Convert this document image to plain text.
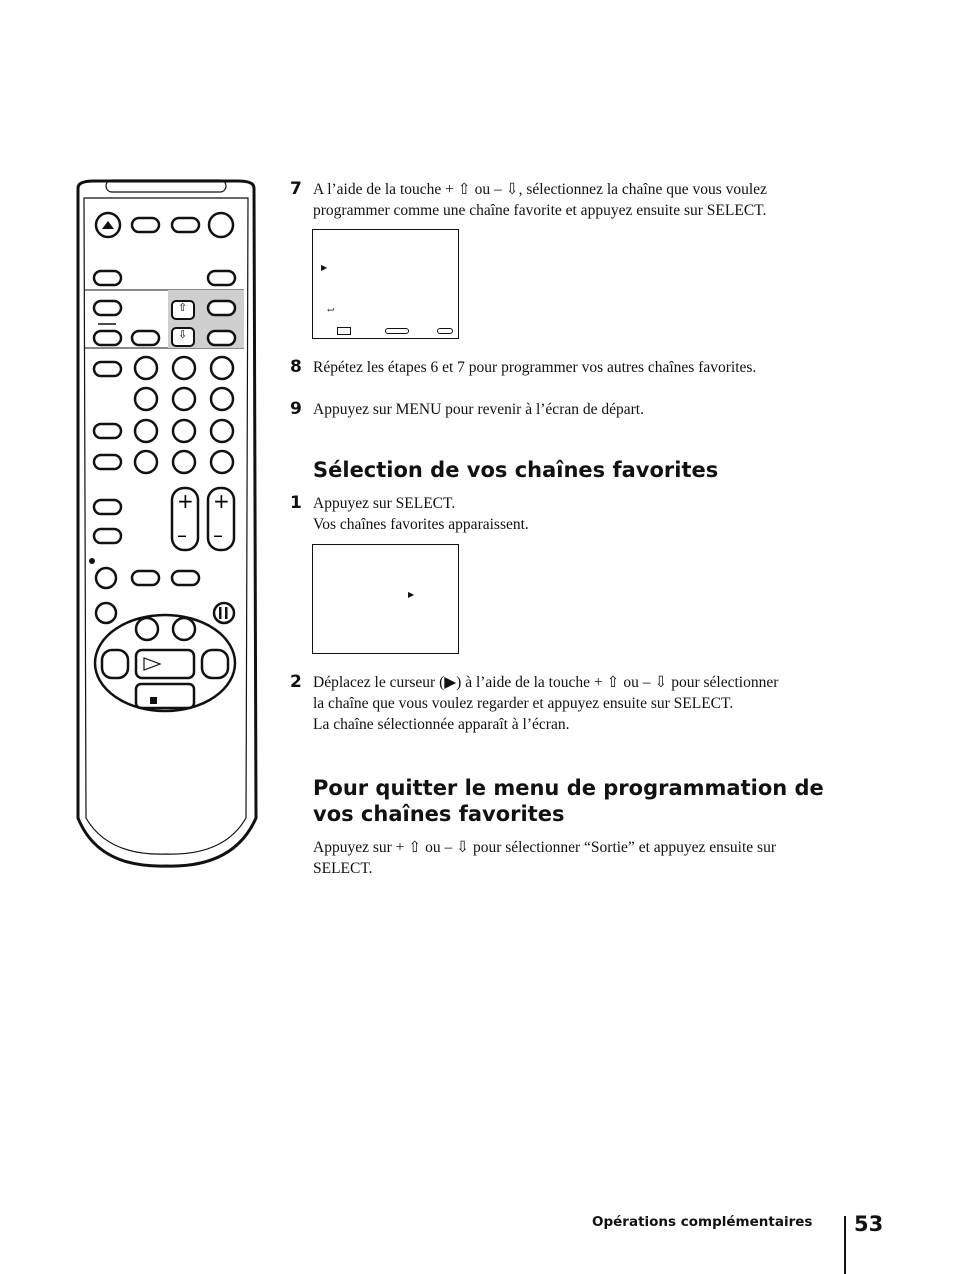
⇧
⇩
+ +
– –
7 A l’aide de la touche + ⇧ ou – ⇩, sélectionnez la chaîne que vous voulez
programmer comme une chaîne favorite et appuyez ensuite sur SELECT.
▶
↩
8 Répétez les étapes 6 et 7 pour programmer vos autres chaînes favorites.
9 Appuyez sur MENU pour revenir à l’écran de départ.
Sélection de vos chaînes favorites
1 Appuyez sur SELECT.
Vos chaînes favorites apparaissent.
▶
2 Déplacez le curseur (▶) à l’aide de la touche + ⇧ ou – ⇩ pour sélectionner
la chaîne que vous voulez regarder et appuyez ensuite sur SELECT.
La chaîne sélectionnée apparaît à l’écran.
Pour quitter le menu de programmation de
vos chaînes favorites
Appuyez sur + ⇧ ou – ⇩ pour sélectionner “Sortie” et appuyez ensuite sur
SELECT.
Opérations complémentaires 53
